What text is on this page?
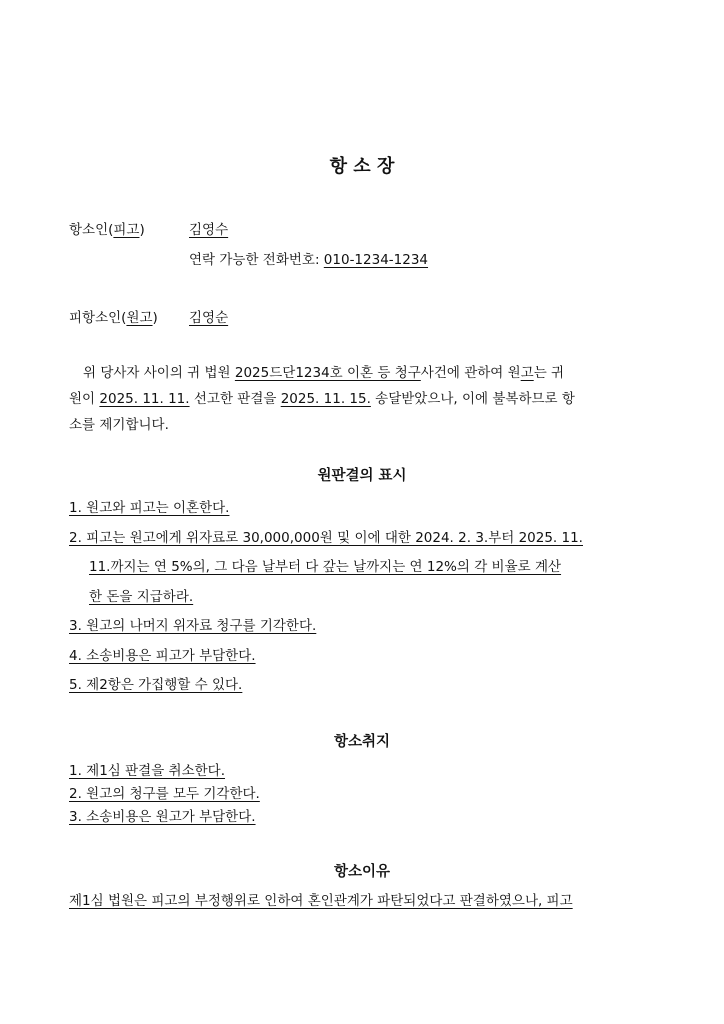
항 소 장
항소인(피고)	김영수
연락 가능한 전화번호: 010-1234-1234
피항소인(원고)	김영순
위 당사자 사이의 귀 법원 2025드단1234호 이혼 등 청구사건에 관하여 원고는 귀
원이 2025. 11. 11. 선고한 판결을 2025. 11. 15. 송달받았으나, 이에 불복하므로 항
소를 제기합니다.
원판결의 표시
1. 원고와 피고는 이혼한다.
2. 피고는 원고에게 위자료로 30,000,000원 및 이에 대한 2024. 2. 3.부터 2025. 11.
11.까지는 연 5%의, 그 다음 날부터 다 갚는 날까지는 연 12%의 각 비율로 계산
한 돈을 지급하라.
3. 원고의 나머지 위자료 청구를 기각한다.
4. 소송비용은 피고가 부담한다.
5. 제2항은 가집행할 수 있다.
항소취지
1. 제1심 판결을 취소한다.
2. 원고의 청구를 모두 기각한다.
3. 소송비용은 원고가 부담한다.
항소이유
제1심 법원은 피고의 부정행위로 인하여 혼인관계가 파탄되었다고 판결하였으나, 피고
